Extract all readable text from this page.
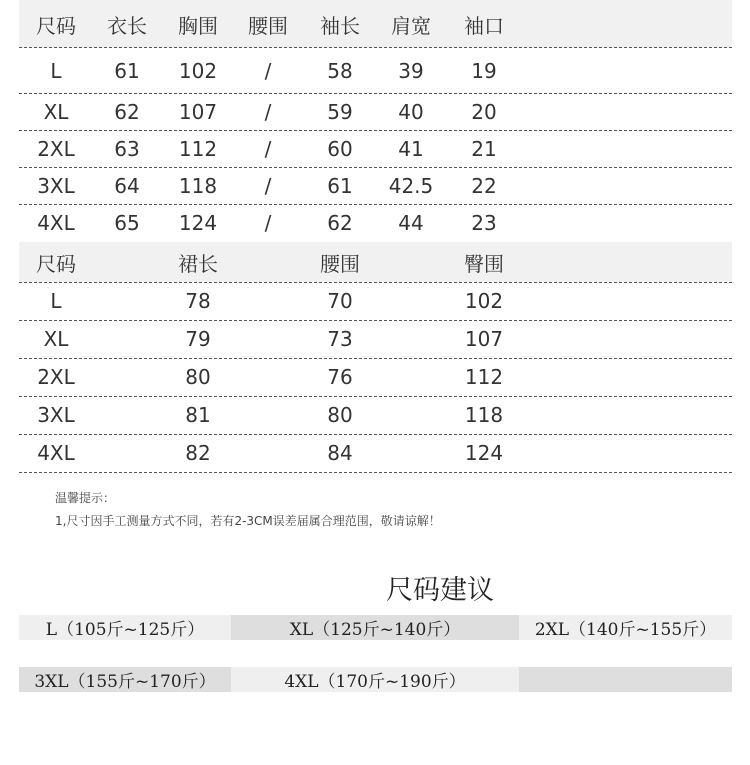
尺码 衣长 胸围 腰围 袖长 肩宽 袖口
L	61	102	/	58	39	19
XL	62	107	/	59	40	20
2XL	63	112	/	60	41	21
3XL	64	118	/	61	42.5	22
4XL	65	124	/	62	44	23
尺码	裙长	腰围	臀围
L	78	70	102
XL	79	73	107
2XL	80	76	112
3XL	81	80	118
4XL	82	84	124
温馨提示：
1,尺寸因手工测量方式不同，若有2-3CM误差届属合理范围，敬请谅解！
尺码建议
L（105斤~125斤）	XL（125斤~140斤）	2XL（140斤~155斤）
3XL（155斤~170斤）	4XL（170斤~190斤）
